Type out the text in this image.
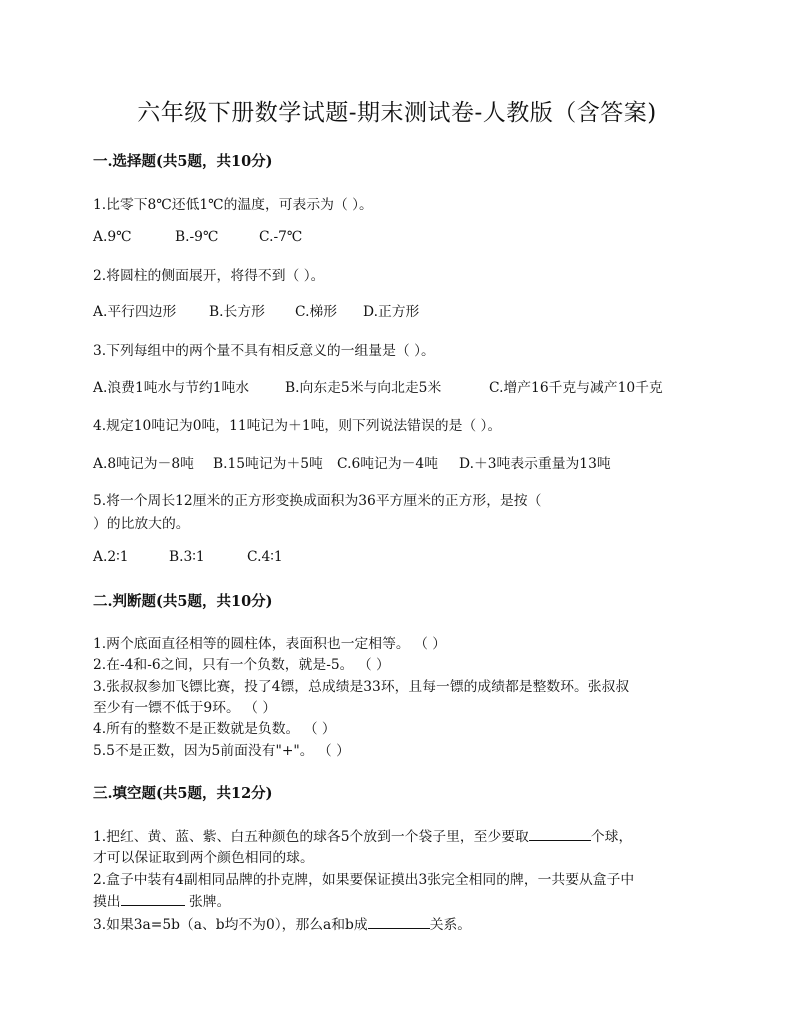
六年级下册数学试题-期末测试卷-人教版（含答案)
一.选择题(共5题，共10分)
1.比零下8℃还低1℃的温度，可表示为（ ）。
A.9℃	B.-9℃	C.-7℃
2.将圆柱的侧面展开，将得不到（ ）。
A.平行四边形 B.长方形 C.梯形 D.正方形
3.下列每组中的两个量不具有相反意义的一组量是（ ）。
A.浪费1吨水与节约1吨水	B.向东走5米与向北走5米	C.增产16千克与减产10千克
4.规定10吨记为0吨，11吨记为＋1吨，则下列说法错误的是（ ）。
A.8吨记为－8吨 B.15吨记为＋5吨 C.6吨记为－4吨 D.＋3吨表示重量为13吨
5.将一个周长12厘米的正方形变换成面积为36平方厘米的正方形，是按（
）的比放大的。
A.2∶1	B.3∶1	C.4∶1
二.判断题(共5题，共10分)
1.两个底面直径相等的圆柱体，表面积也一定相等。 （ ）
2.在-4和-6之间，只有一个负数，就是-5。 （ ）
3.张叔叔参加飞镖比赛，投了4镖，总成绩是33环，且每一镖的成绩都是整数环。张叔叔
至少有一镖不低于9环。 （ ）
4.所有的整数不是正数就是负数。 （ ）
5.5不是正数，因为5前面没有"+"。 （ ）
三.填空题(共5题，共12分)
1.把红、黄、蓝、紫、白五种颜色的球各5个放到一个袋子里，至少要取	个球，
才可以保证取到两个颜色相同的球。
2.盒子中装有4副相同品牌的扑克牌，如果要保证摸出3张完全相同的牌，一共要从盒子中
摸出	张牌。
3.如果3a=5b（a、b均不为0），那么a和b成	关系。
